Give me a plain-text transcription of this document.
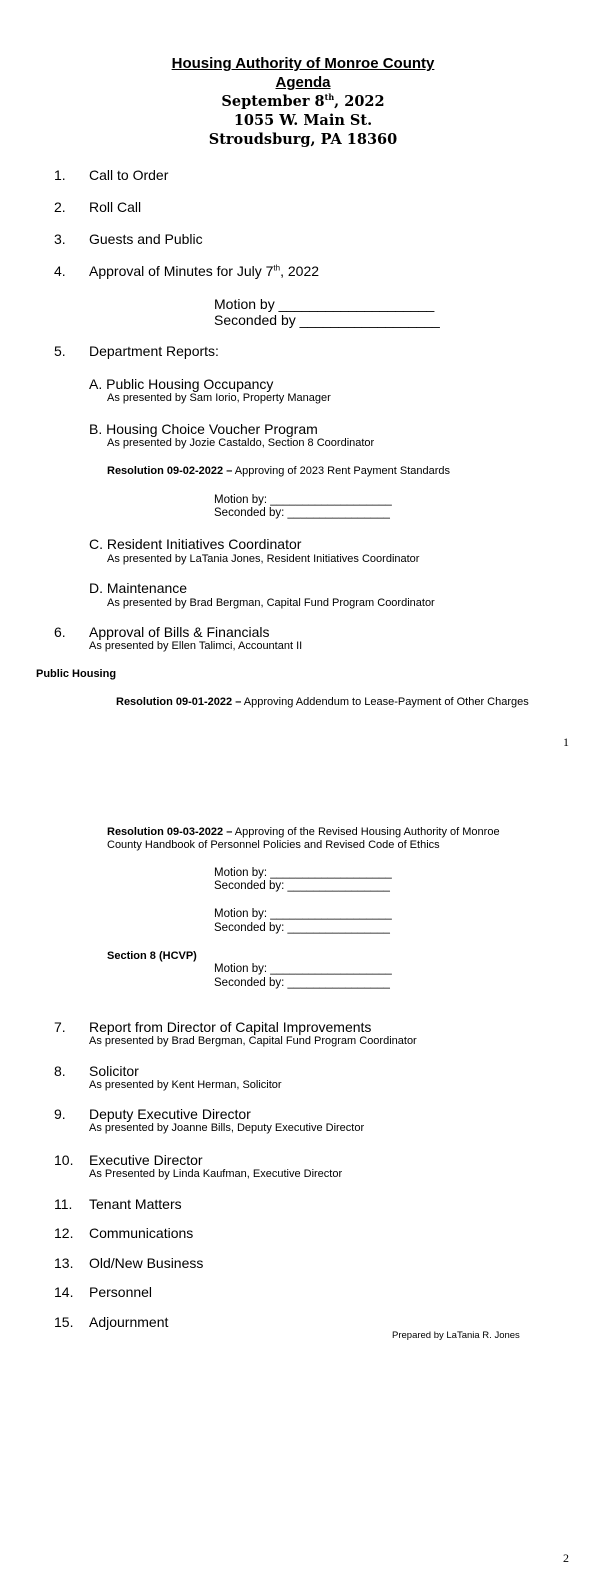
Housing Authority of Monroe County
Agenda
September 8th, 2022
1055 W. Main St.
Stroudsburg, PA 18360
1. Call to Order
2. Roll Call
3. Guests and Public
4. Approval of Minutes for July 7th, 2022
Motion by ____________________
Seconded by __________________
5. Department Reports:
A. Public Housing Occupancy
As presented by Sam Iorio, Property Manager
B. Housing Choice Voucher Program
As presented by Jozie Castaldo, Section 8 Coordinator
Resolution 09-02-2022 – Approving of 2023 Rent Payment Standards
Motion by: ___________________
Seconded by: ________________
C. Resident Initiatives Coordinator
As presented by LaTania Jones, Resident Initiatives Coordinator
D. Maintenance
As presented by Brad Bergman, Capital Fund Program Coordinator
6. Approval of Bills & Financials
As presented by Ellen Talimci, Accountant II
Public Housing
Resolution 09-01-2022 – Approving Addendum to Lease-Payment of Other Charges
1
Resolution 09-03-2022 – Approving of the Revised Housing Authority of Monroe
County Handbook of Personnel Policies and Revised Code of Ethics
Motion by: ___________________
Seconded by: ________________
Motion by: ___________________
Seconded by: ________________
Section 8 (HCVP)
Motion by: ___________________
Seconded by: ________________
7. Report from Director of Capital Improvements
As presented by Brad Bergman, Capital Fund Program Coordinator
8. Solicitor
As presented by Kent Herman, Solicitor
9. Deputy Executive Director
As presented by Joanne Bills, Deputy Executive Director
10. Executive Director
As Presented by Linda Kaufman, Executive Director
11. Tenant Matters
12. Communications
13. Old/New Business
14. Personnel
15. Adjournment
Prepared by LaTania R. Jones
2
